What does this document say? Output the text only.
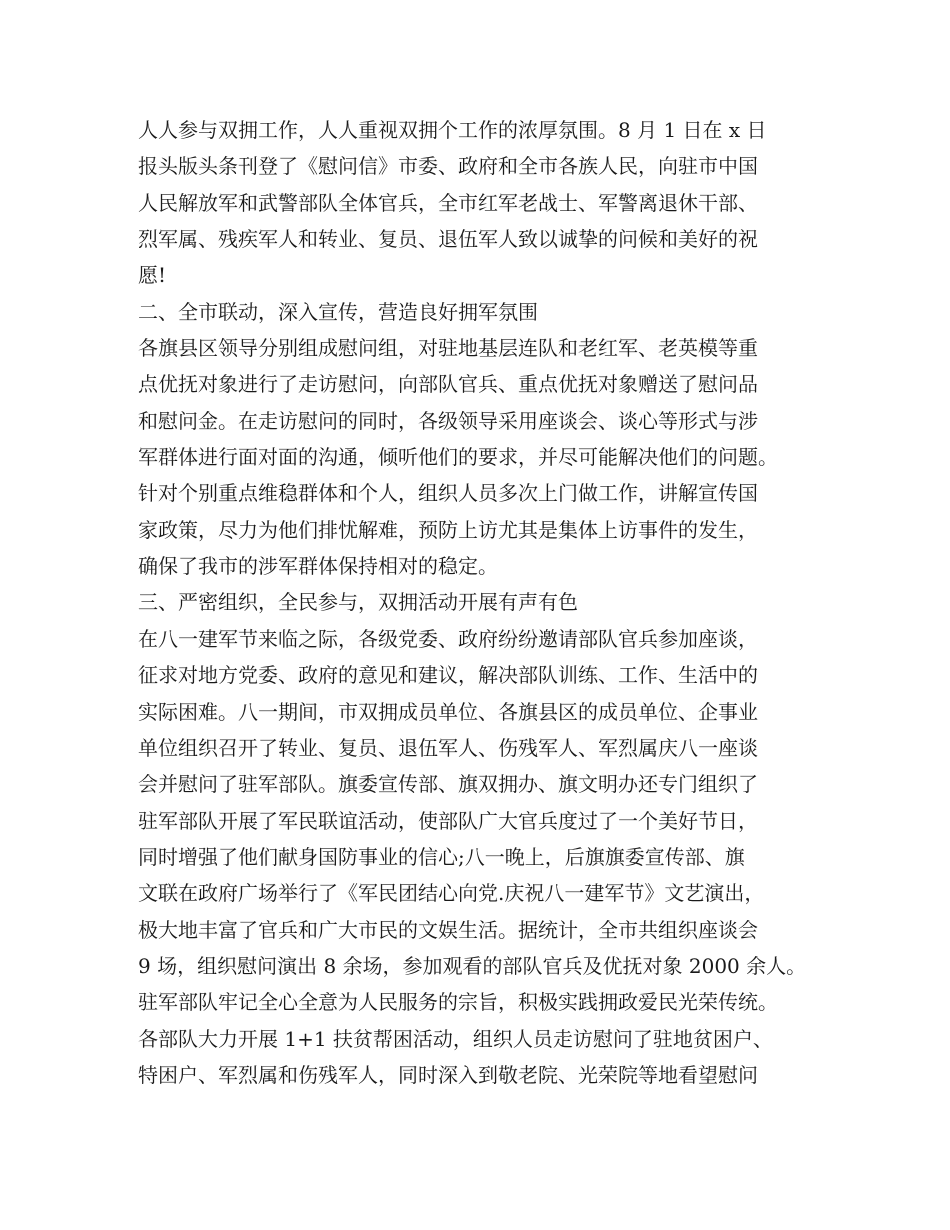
人人参与双拥工作，人人重视双拥个工作的浓厚氛围。8 月 1 日在 x 日
报头版头条刊登了《慰问信》市委、政府和全市各族人民，向驻市中国
人民解放军和武警部队全体官兵，全市红军老战士、军警离退休干部、
烈军属、残疾军人和转业、复员、退伍军人致以诚挚的问候和美好的祝
愿!
二、全市联动，深入宣传，营造良好拥军氛围
各旗县区领导分别组成慰问组，对驻地基层连队和老红军、老英模等重
点优抚对象进行了走访慰问，向部队官兵、重点优抚对象赠送了慰问品
和慰问金。在走访慰问的同时，各级领导采用座谈会、谈心等形式与涉
军群体进行面对面的沟通，倾听他们的要求，并尽可能解决他们的问题。
针对个别重点维稳群体和个人，组织人员多次上门做工作，讲解宣传国
家政策，尽力为他们排忧解难，预防上访尤其是集体上访事件的发生，
确保了我市的涉军群体保持相对的稳定。
三、严密组织，全民参与，双拥活动开展有声有色
在八一建军节来临之际，各级党委、政府纷纷邀请部队官兵参加座谈，
征求对地方党委、政府的意见和建议，解决部队训练、工作、生活中的
实际困难。八一期间，市双拥成员单位、各旗县区的成员单位、企事业
单位组织召开了转业、复员、退伍军人、伤残军人、军烈属庆八一座谈
会并慰问了驻军部队。旗委宣传部、旗双拥办、旗文明办还专门组织了
驻军部队开展了军民联谊活动，使部队广大官兵度过了一个美好节日，
同时增强了他们献身国防事业的信心;八一晚上，后旗旗委宣传部、旗
文联在政府广场举行了《军民团结心向党.庆祝八一建军节》文艺演出，
极大地丰富了官兵和广大市民的文娱生活。据统计，全市共组织座谈会
9 场，组织慰问演出 8 余场，参加观看的部队官兵及优抚对象 2000 余人。
驻军部队牢记全心全意为人民服务的宗旨，积极实践拥政爱民光荣传统。
各部队大力开展 1+1 扶贫帮困活动，组织人员走访慰问了驻地贫困户、
特困户、军烈属和伤残军人，同时深入到敬老院、光荣院等地看望慰问
